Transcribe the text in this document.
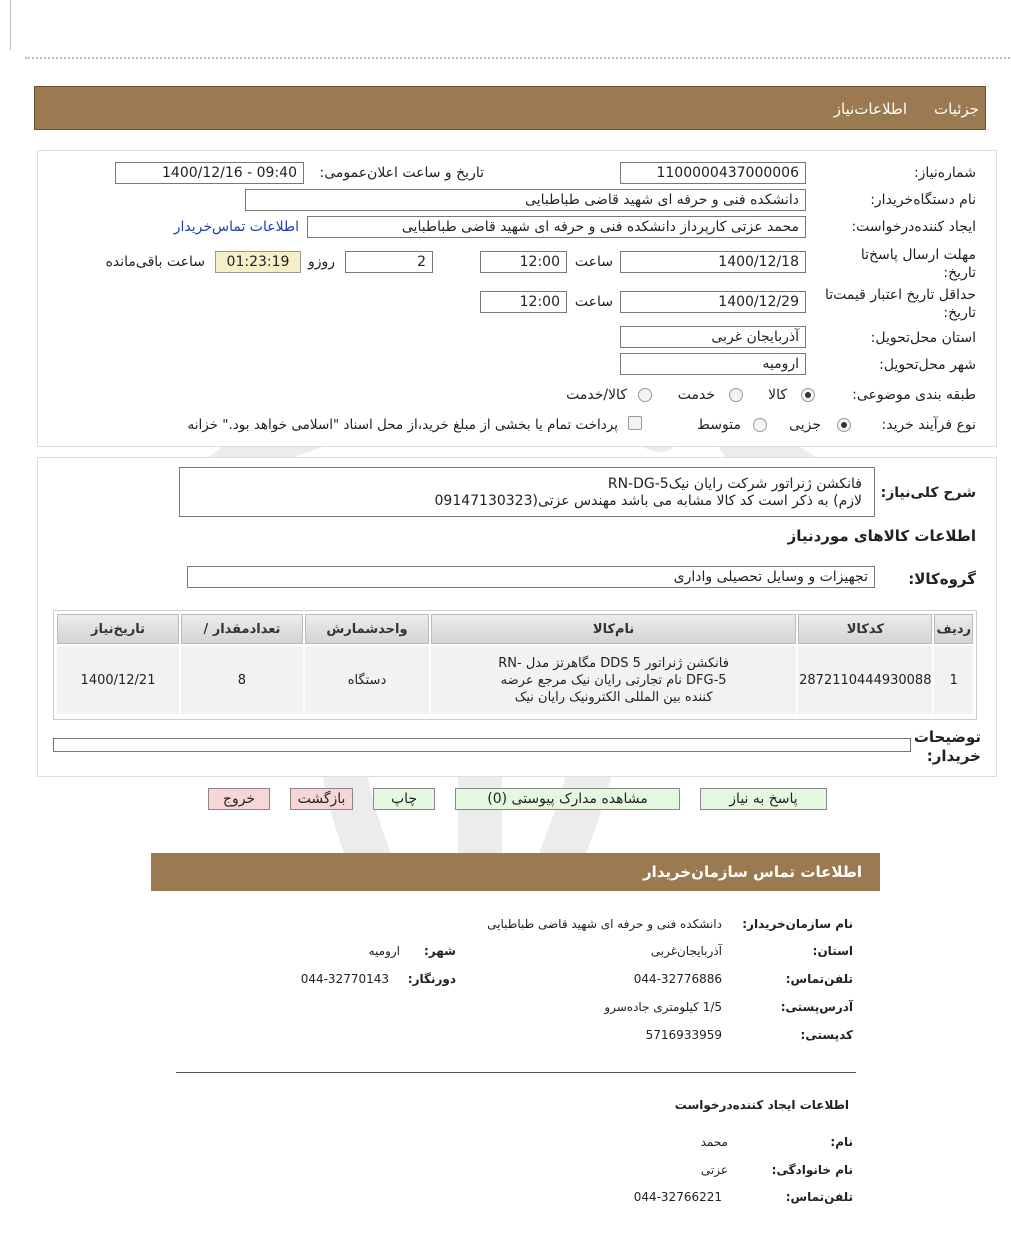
جزئیات
اطلاعات‌نیاز
شماره‌نیاز:
1100000437000006
تاریخ و ساعت اعلان‌عمومی:
1400/12/16 - 09:40
نام دستگاه‌خریدار:
دانشکده فنی و حرفه ای شهید قاضی طباطبایی
ایجاد کننده‌درخواست:
محمد عزتی کارپرداز دانشکده فنی و حرفه ای شهید قاضی طباطبایی
اطلاعات تماس‌خریدار
مهلت ارسال پاسخ‌تا تاریخ:
1400/12/18
ساعت
12:00
2
روزو
01:23:19
ساعت باقی‌مانده
حداقل تاریخ اعتبار قیمت‌تا تاریخ:
1400/12/29
ساعت
12:00
استان محل‌تحویل:
آذربایجان غربی
شهر محل‌تحویل:
ارومیه
طبقه بندی موضوعی:
کالا
خدمت
کالا/خدمت
نوع فرآیند خرید:
جزیی
متوسط
پرداخت تمام یا بخشی از مبلغ خرید،از محل اسناد "اسلامی خواهد بود." خزانه
شرح کلی‌نیاز:
فانکشن ژنراتور شرکت رایان نیکRN-DG-5
لازم) به ذکر است کد کالا مشابه می باشد مهندس عزتی(09147130323
اطلاعات کالاهای موردنیاز
گروه‌کالا:
تجهیزات و وسایل تحصیلی واداری
ردیف	کدکالا	نام‌کالا	واحدشمارش	تعدادمقدار /	تاریخ‌نیاز
1	2872110444930088	فانکشن ژنراتور DDS 5 مگاهرتز مدل RN-DFG-5 نام تجارتی رایان نیک مرجع عرضه کننده بین المللی الکترونیک رایان نیک	دستگاه	8	1400/12/21
توضیحات خریدار:
پاسخ به نیاز
مشاهده مدارک پیوستی (0)
چاپ
بازگشت
خروج
اطلاعات تماس سازمان‌خریدار
نام سازمان‌خریدار:
دانشکده فنی و حرفه ای شهید قاضی طباطبایی
استان:
آذربایجان‌غربی
شهر:
ارومیه
تلفن‌تماس:
044-32776886
دورنگار:
044-32770143
آدرس‌پستی:
1/5 کیلومتری جاده‌سرو
کدپستی:
5716933959
اطلاعات ایجاد کننده‌درخواست
نام:
محمد
نام خانوادگی:
عزتی
تلفن‌تماس:
044-32766221
